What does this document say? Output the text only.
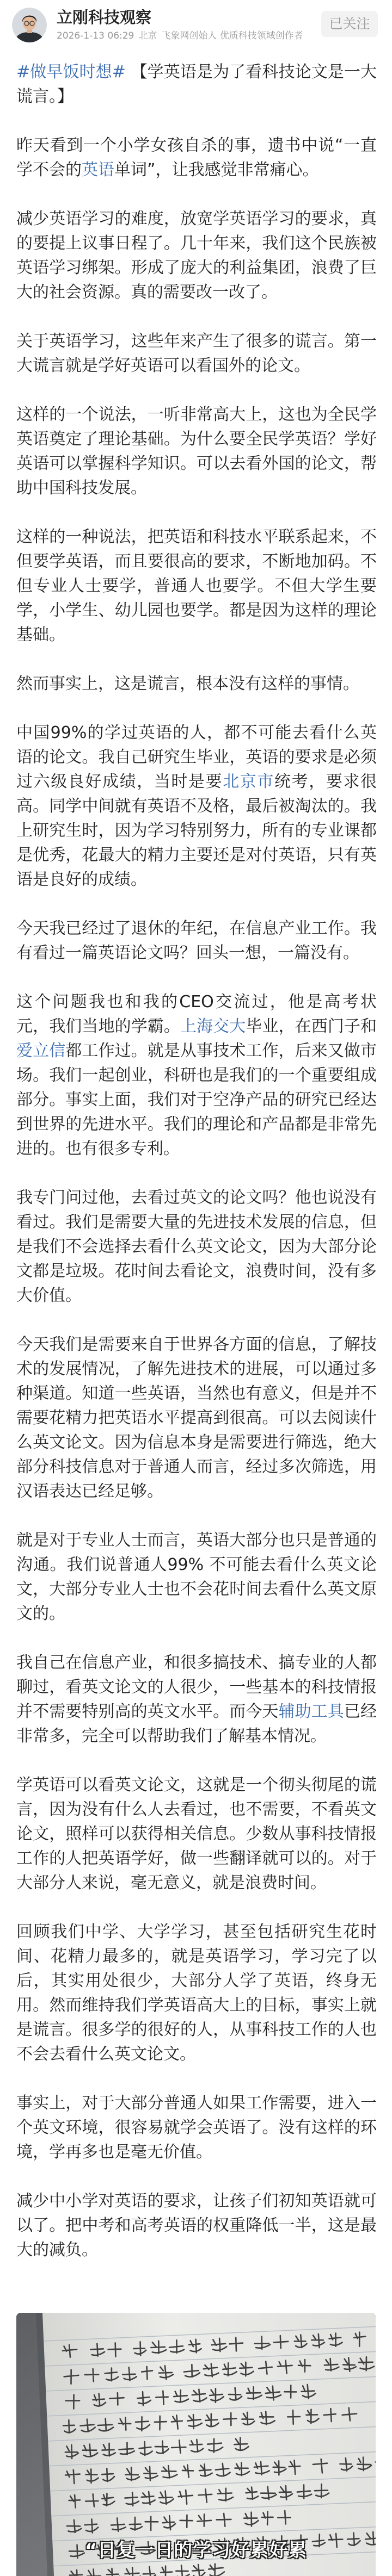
立刚科技观察
2026-1-13 06:29 北京 飞象网创始人 优质科技领域创作者
已关注

#做早饭时想# 【学英语是为了看科技论文是一大谎言。】

昨天看到一个小学女孩自杀的事，遗书中说“一直学不会的英语单词”，让我感觉非常痛心。

减少英语学习的难度，放宽学英语学习的要求，真的要提上议事日程了。几十年来，我们这个民族被英语学习绑架。形成了庞大的利益集团，浪费了巨大的社会资源。真的需要改一改了。

关于英语学习，这些年来产生了很多的谎言。第一大谎言就是学好英语可以看国外的论文。

这样的一个说法，一听非常高大上，这也为全民学英语奠定了理论基础。为什么要全民学英语？学好英语可以掌握科学知识。可以去看外国的论文，帮助中国科技发展。

这样的一种说法，把英语和科技水平联系起来，不但要学英语，而且要很高的要求，不断地加码。不但专业人士要学，普通人也要学。不但大学生要学，小学生、幼儿园也要学。都是因为这样的理论基础。

然而事实上，这是谎言，根本没有这样的事情。

中国99%的学过英语的人，都不可能去看什么英语的论文。我自己研究生毕业，英语的要求是必须过六级良好成绩，当时是要北京市统考，要求很高。同学中间就有英语不及格，最后被淘汰的。我上研究生时，因为学习特别努力，所有的专业课都是优秀，花最大的精力主要还是对付英语，只有英语是良好的成绩。

今天我已经过了退休的年纪，在信息产业工作。我有看过一篇英语论文吗？回头一想，一篇没有。

这个问题我也和我的CEO交流过，他是高考状元，我们当地的学霸。上海交大毕业，在西门子和爱立信都工作过。就是从事技术工作，后来又做市场。我们一起创业，科研也是我们的一个重要组成部分。事实上面，我们对于空净产品的研究已经达到世界的先进水平。我们的理论和产品都是非常先进的。也有很多专利。

我专门问过他，去看过英文的论文吗？他也说没有看过。我们是需要大量的先进技术发展的信息，但是我们不会选择去看什么英文论文，因为大部分论文都是垃圾。花时间去看论文，浪费时间，没有多大价值。

今天我们是需要来自于世界各方面的信息，了解技术的发展情况，了解先进技术的进展，可以通过多种渠道。知道一些英语，当然也有意义，但是并不需要花精力把英语水平提高到很高。可以去阅读什么英文论文。因为信息本身是需要进行筛选，绝大部分科技信息对于普通人而言，经过多次筛选，用汉语表达已经足够。

就是对于专业人士而言，英语大部分也只是普通的沟通。我们说普通人99% 不可能去看什么英文论文，大部分专业人士也不会花时间去看什么英文原文的。

我自己在信息产业，和很多搞技术、搞专业的人都聊过，看英文论文的人很少，一些基本的科技情报并不需要特别高的英文水平。而今天辅助工具已经非常多，完全可以帮助我们了解基本情况。

学英语可以看英文论文，这就是一个彻头彻尾的谎言，因为没有什么人去看过，也不需要，不看英文论文，照样可以获得相关信息。少数从事科技情报工作的人把英语学好，做一些翻译就可以的。对于大部分人来说，毫无意义，就是浪费时间。

回顾我们中学、大学学习，甚至包括研究生花时间、花精力最多的，就是英语学习，学习完了以后，其实用处很少，大部分人学了英语，终身无用。然而维持我们学英语高大上的目标，事实上就是谎言。很多学的很好的人，从事科技工作的人也不会去看什么英文论文。

事实上，对于大部分普通人如果工作需要，进入一个英文环境，很容易就学会英语了。没有这样的环境，学再多也是毫无价值。

减少中小学对英语的要求，让孩子们初知英语就可以了。把中考和高考英语的权重降低一半，这是最大的减负。

“日复一日的学习好累好累
